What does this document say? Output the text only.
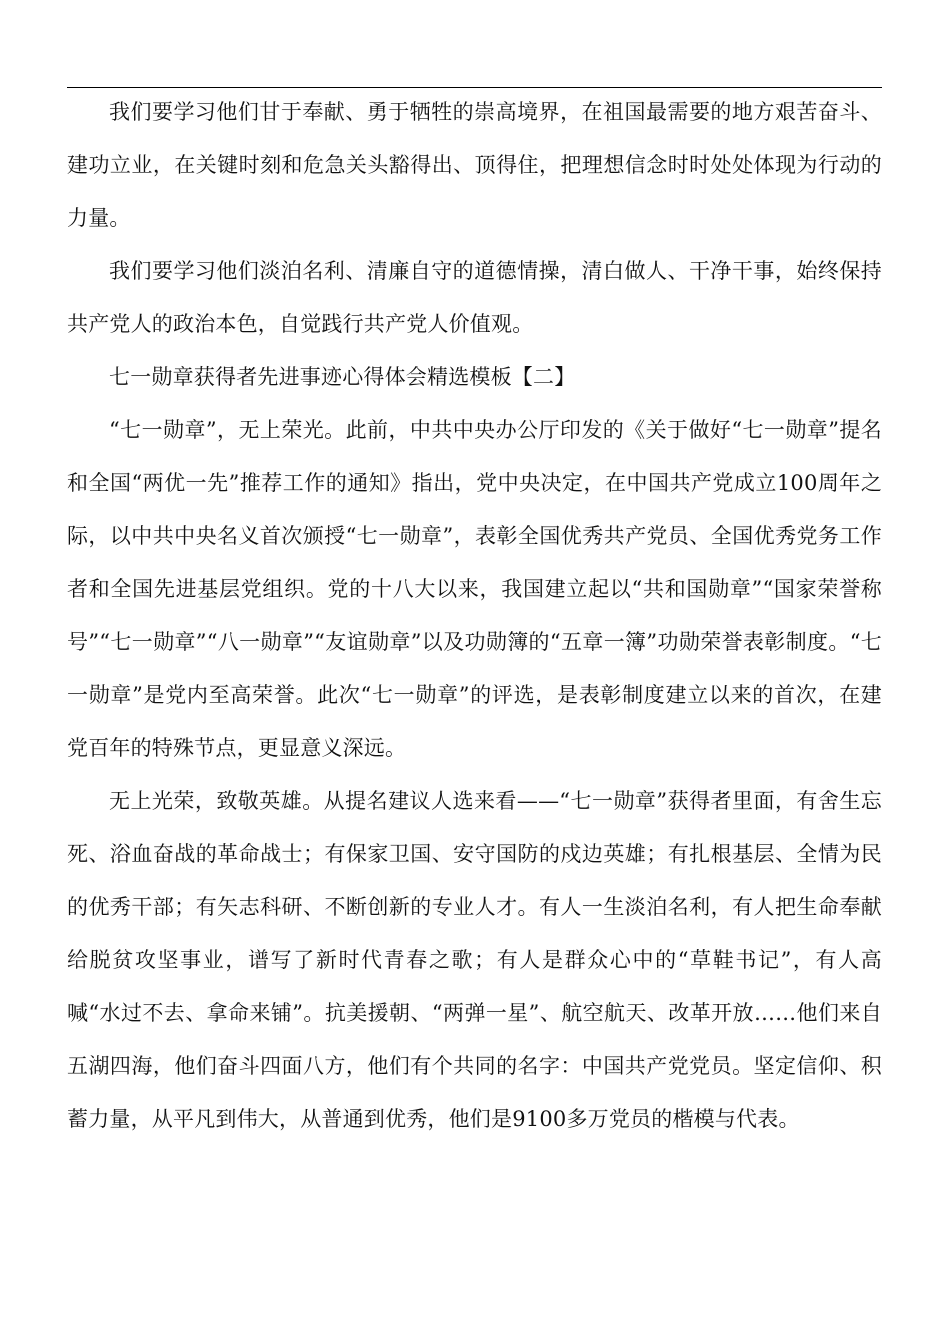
我们要学习他们甘于奉献、勇于牺牲的崇高境界，在祖国最需要的地方艰苦奋斗、建功立业，在关键时刻和危急关头豁得出、顶得住，把理想信念时时处处体现为行动的力量。

我们要学习他们淡泊名利、清廉自守的道德情操，清白做人、干净干事，始终保持共产党人的政治本色，自觉践行共产党人价值观。

七一勋章获得者先进事迹心得体会精选模板【二】

“七一勋章”，无上荣光。此前，中共中央办公厅印发的《关于做好“七一勋章”提名和全国“两优一先”推荐工作的通知》指出，党中央决定，在中国共产党成立100周年之际，以中共中央名义首次颁授“七一勋章”，表彰全国优秀共产党员、全国优秀党务工作者和全国先进基层党组织。党的十八大以来，我国建立起以“共和国勋章”“国家荣誉称号”“七一勋章”“八一勋章”“友谊勋章”以及功勋簿的“五章一簿”功勋荣誉表彰制度。“七一勋章”是党内至高荣誉。此次“七一勋章”的评选，是表彰制度建立以来的首次，在建党百年的特殊节点，更显意义深远。

无上光荣，致敬英雄。从提名建议人选来看——“七一勋章”获得者里面，有舍生忘死、浴血奋战的革命战士；有保家卫国、安守国防的戍边英雄；有扎根基层、全情为民的优秀干部；有矢志科研、不断创新的专业人才。有人一生淡泊名利，有人把生命奉献给脱贫攻坚事业，谱写了新时代青春之歌；有人是群众心中的“草鞋书记”，有人高喊“水过不去、拿命来铺”。抗美援朝、“两弹一星”、航空航天、改革开放……他们来自五湖四海，他们奋斗四面八方，他们有个共同的名字：中国共产党党员。坚定信仰、积蓄力量，从平凡到伟大，从普通到优秀，他们是9100多万党员的楷模与代表。
